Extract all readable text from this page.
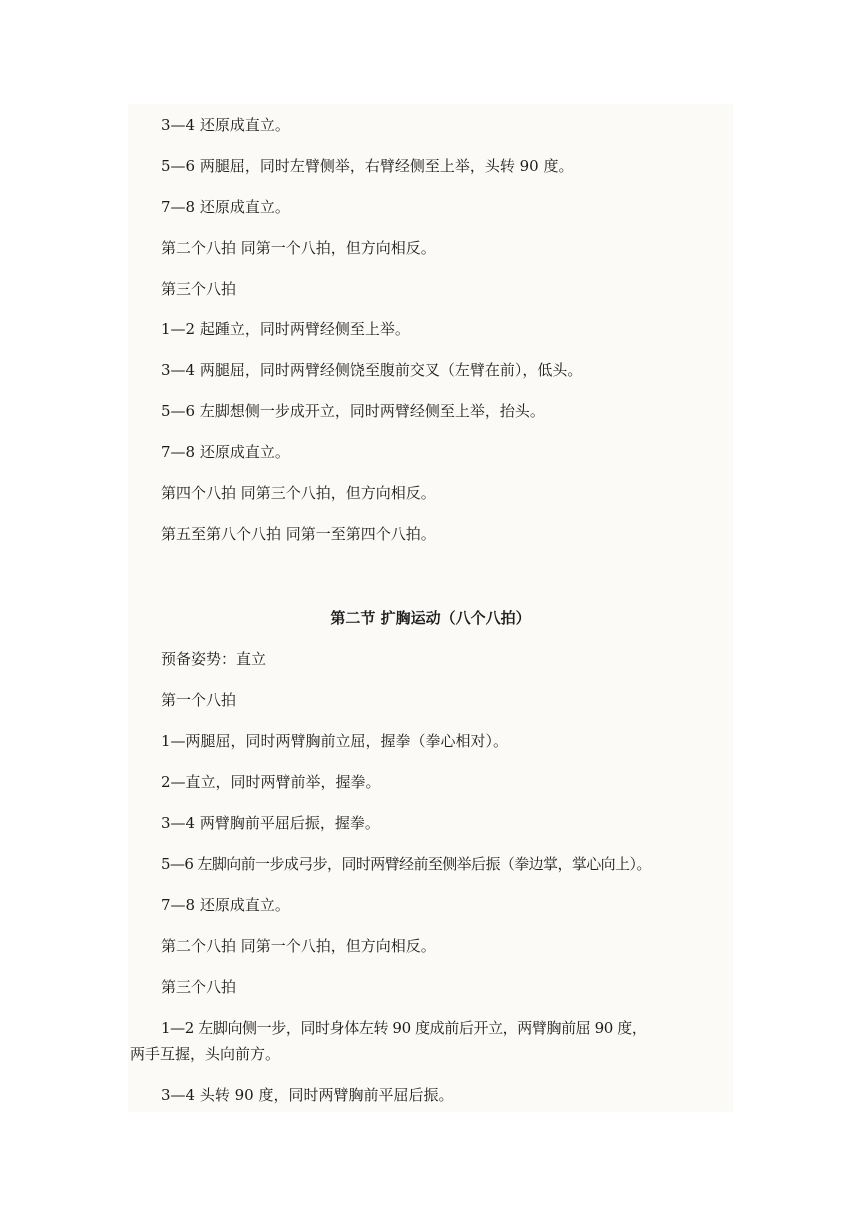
3—4 还原成直立。
5—6 两腿屈，同时左臂侧举，右臂经侧至上举，头转 90 度。
7—8 还原成直立。
第二个八拍 同第一个八拍，但方向相反。
第三个八拍
1—2 起踵立，同时两臂经侧至上举。
3—4 两腿屈，同时两臂经侧饶至腹前交叉（左臂在前），低头。
5—6 左脚想侧一步成开立，同时两臂经侧至上举，抬头。
7—8 还原成直立。
第四个八拍 同第三个八拍，但方向相反。
第五至第八个八拍 同第一至第四个八拍。
第二节 扩胸运动（八个八拍）
预备姿势：直立
第一个八拍
1—两腿屈，同时两臂胸前立屈，握拳（拳心相对）。
2—直立，同时两臂前举，握拳。
3—4 两臂胸前平屈后振，握拳。
5—6 左脚向前一步成弓步，同时两臂经前至侧举后振（拳边掌，掌心向上）。
7—8 还原成直立。
第二个八拍 同第一个八拍，但方向相反。
第三个八拍
1—2 左脚向侧一步，同时身体左转 90 度成前后开立，两臂胸前屈 90 度，
两手互握，头向前方。
3—4 头转 90 度，同时两臂胸前平屈后振。
